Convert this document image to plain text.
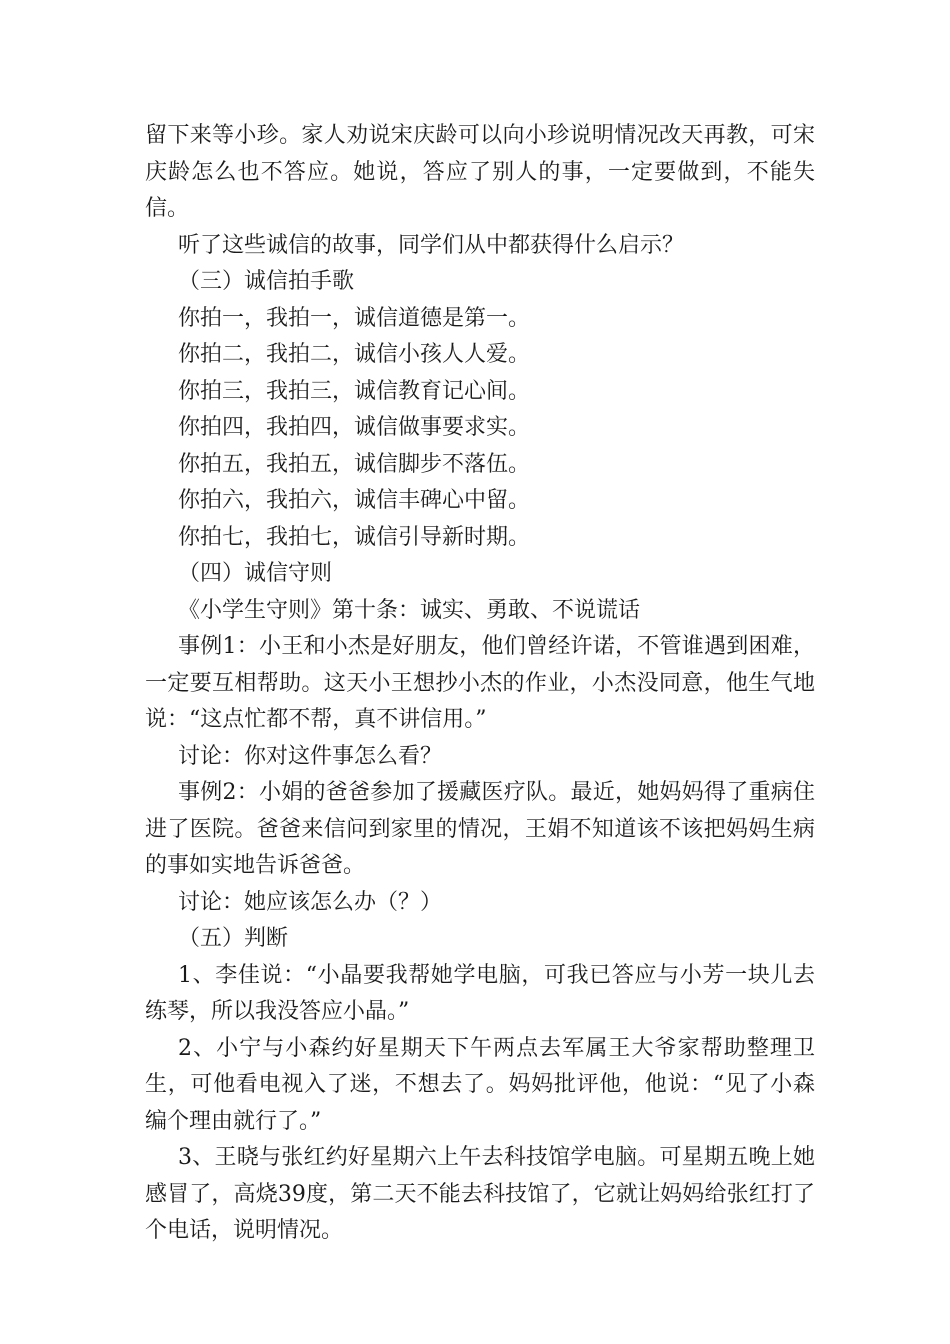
留下来等小珍。家人劝说宋庆龄可以向小珍说明情况改天再教，可宋庆龄怎么也不答应。她说，答应了别人的事，一定要做到，不能失信。

听了这些诚信的故事，同学们从中都获得什么启示？

（三）诚信拍手歌

你拍一，我拍一，诚信道德是第一。

你拍二，我拍二，诚信小孩人人爱。

你拍三，我拍三，诚信教育记心间。

你拍四，我拍四，诚信做事要求实。

你拍五，我拍五，诚信脚步不落伍。

你拍六，我拍六，诚信丰碑心中留。

你拍七，我拍七，诚信引导新时期。

（四）诚信守则

《小学生守则》第十条：诚实、勇敢、不说谎话

事例1：小王和小杰是好朋友，他们曾经许诺，不管谁遇到困难，一定要互相帮助。这天小王想抄小杰的作业，小杰没同意，他生气地说：“这点忙都不帮，真不讲信用。”

讨论：你对这件事怎么看？

事例2：小娟的爸爸参加了援藏医疗队。最近，她妈妈得了重病住进了医院。爸爸来信问到家里的情况，王娟不知道该不该把妈妈生病的事如实地告诉爸爸。

讨论：她应该怎么办（？）

（五）判断

1、李佳说：“小晶要我帮她学电脑，可我已答应与小芳一块儿去练琴，所以我没答应小晶。”

2、小宁与小森约好星期天下午两点去军属王大爷家帮助整理卫生，可他看电视入了迷，不想去了。妈妈批评他，他说：“见了小森编个理由就行了。”

3、王晓与张红约好星期六上午去科技馆学电脑。可星期五晚上她感冒了，高烧39度，第二天不能去科技馆了，它就让妈妈给张红打了个电话，说明情况。
